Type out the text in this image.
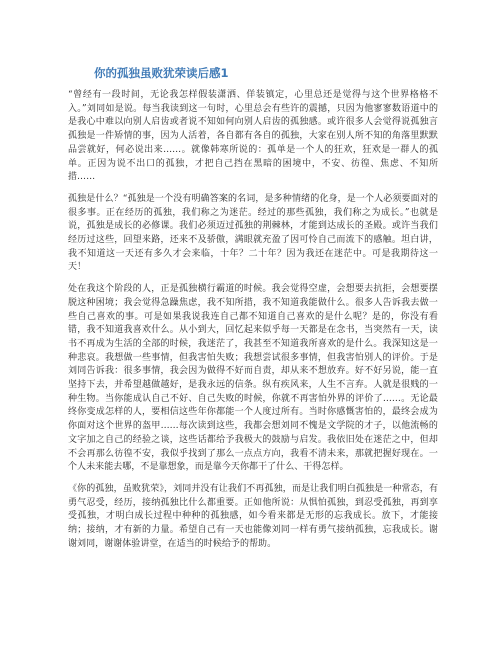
你的孤独虽败犹荣读后感1

“曾经有一段时间，无论我怎样假装潇洒、佯装镇定，心里总还是觉得与这个世界格格不入。”刘同如是说。每当我读到这一句时，心里总会有些许的震撼，只因为他寥寥数语道中的是我心中难以向别人启齿或者说不知如何向别人启齿的孤独感。或许很多人会觉得说孤独言孤独是一件矫情的事，因为人活着，各自都有各自的孤独，大家在别人所不知的角落里默默品尝就好，何必说出来……。就像韩寒所说的：孤单是一个人的狂欢，狂欢是一群人的孤单。正因为说不出口的孤独，才把自己挡在黑暗的困境中，不安、彷徨、焦虑、不知所措……

孤独是什么？“孤独是一个没有明确答案的名词，是多种情绪的化身，是一个人必须要面对的很多事。正在经历的孤独，我们称之为迷茫。经过的那些孤独，我们称之为成长。”也就是说，孤独是成长的必修课。我们必须迈过孤独的荆棘林，才能到达成长的圣殿。或许当我们经历过这些，回望来路，还来不及骄傲，满眼就充盈了因可怜自己而流下的感触。坦白讲，我不知道这一天还有多久才会来临，十年？二十年？因为我还在迷茫中。可是我期待这一天！

处在我这个阶段的人，正是孤独横行霸道的时候。我会觉得空虚，会想要去抗拒，会想要摆脱这种困境；我会觉得急躁焦虑，我不知所措，我不知道我能做什么。很多人告诉我去做一些自己喜欢的事。可是如果我说我连自己都不知道自己喜欢的是什么呢？是的，你没有看错，我不知道我喜欢什么。从小到大，回忆起来似乎每一天都是在念书，当突然有一天，读书不再成为生活的全部的时候，我迷茫了，我甚至不知道我所喜欢的是什么。我深知这是一种悲哀。我想做一些事情，但我害怕失败；我想尝试很多事情，但我害怕别人的评价。于是刘同告诉我：很多事情，我会因为做得不好而自责，却从来不想放弃。好不好另说，能一直坚持下去，并希望越做越好，是我永远的信条。纵有疾风来，人生不言弃。人就是很贱的一种生物。当你能成认自己不好、自己失败的时候，你就不再害怕外界的评价了……。无论最终你变成怎样的人，要相信这些年你都能一个人度过所有。当时你感慨害怕的，最终会成为你面对这个世界的盔甲……每次读到这些，我都会想刘同不愧是文学院的才子，以他流畅的文字加之自己的经验之谈，这些话都给予我极大的鼓励与启发。我依旧处在迷茫之中，但却不会再那么彷徨不安，我似乎找到了那么一点点方向，我看不清未来，那就把握好现在。一个人未来能去哪，不是靠想象，而是靠今天你都干了什么、干得怎样。

《你的孤独，虽败犹荣》，刘同并没有让我们不再孤独，而是让我们明白孤独是一种常态，有勇气忍受，经历，接纳孤独比什么都重要。正如他所说：从惧怕孤独，到忍受孤独，再到享受孤独，才明白成长过程中种种的孤独感，如今看来都是无形的忘我成长。放下，才能接纳；接纳，才有新的力量。希望自己有一天也能像刘同一样有勇气接纳孤独，忘我成长。谢谢刘同，谢谢体验讲堂，在适当的时候给予的帮助。
